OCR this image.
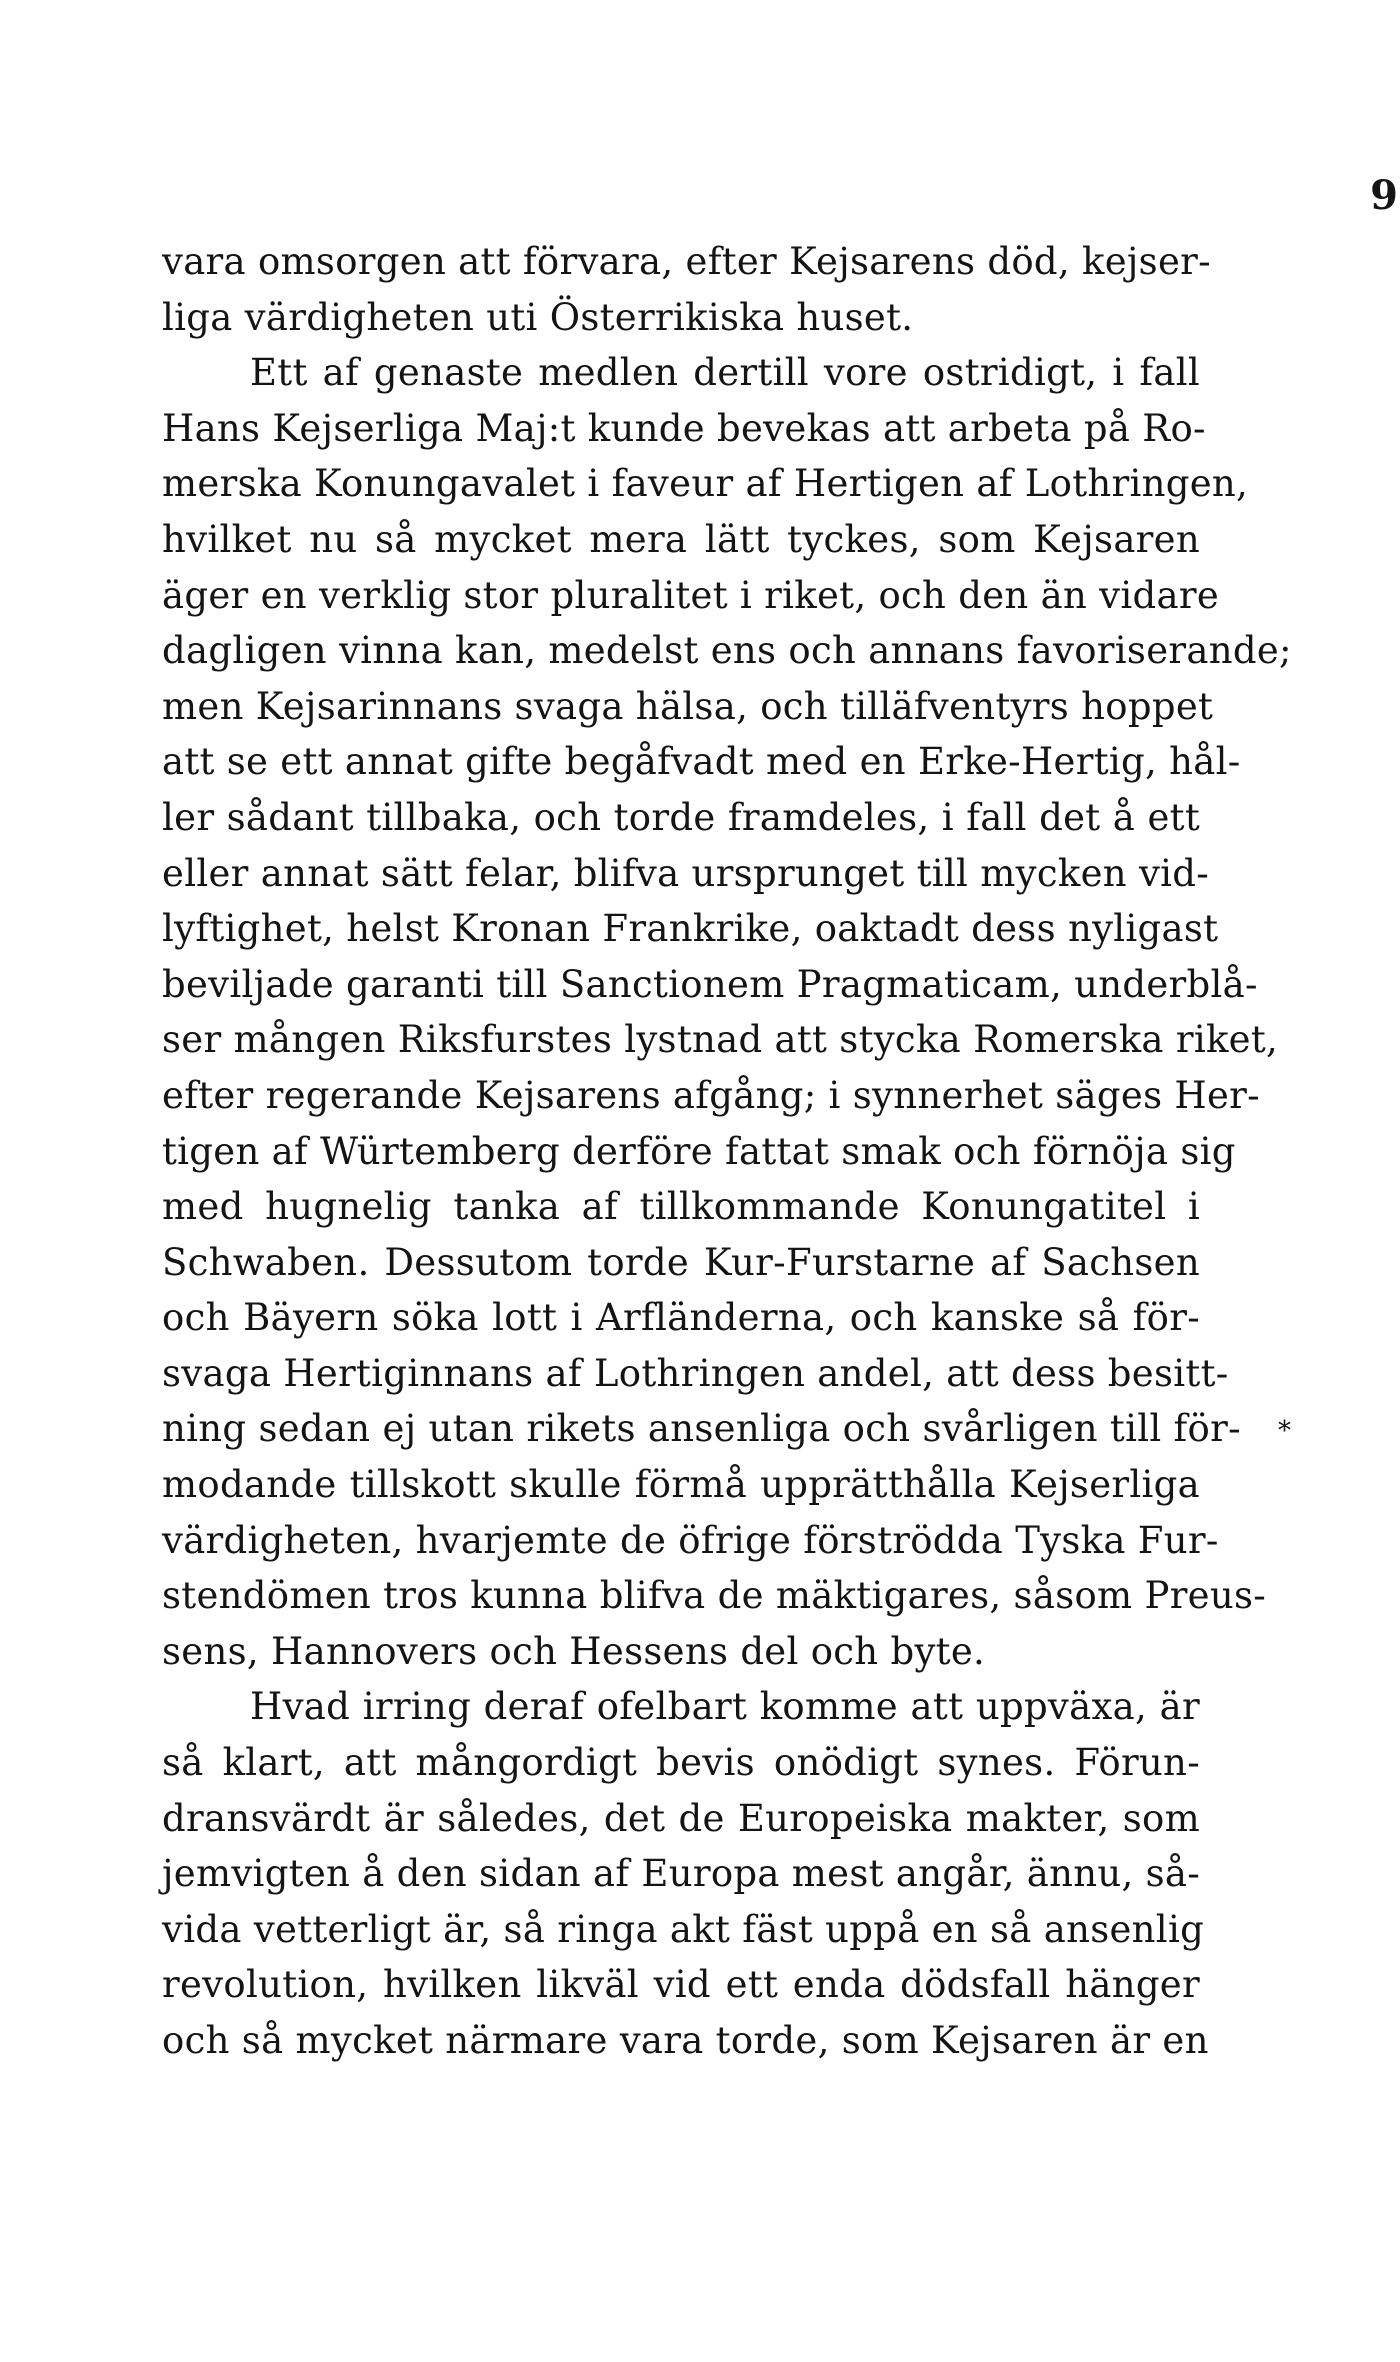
9
vara omsorgen att förvara, efter Kejsarens död, kejser-
liga värdigheten uti Österrikiska huset.
Ett af genaste medlen dertill vore ostridigt, i fall
Hans Kejserliga Maj:t kunde bevekas att arbeta på Ro-
merska Konungavalet i faveur af Hertigen af Lothringen,
hvilket nu så mycket mera lätt tyckes, som Kejsaren
äger en verklig stor pluralitet i riket, och den än vidare
dagligen vinna kan, medelst ens och annans favoriserande;
men Kejsarinnans svaga hälsa, och tilläfventyrs hoppet
att se ett annat gifte begåfvadt med en Erke-Hertig, hål-
ler sådant tillbaka, och torde framdeles, i fall det å ett
eller annat sätt felar, blifva ursprunget till mycken vid-
lyftighet, helst Kronan Frankrike, oaktadt dess nyligast
beviljade garanti till Sanctionem Pragmaticam, underblå-
ser mången Riksfurstes lystnad att stycka Romerska riket,
efter regerande Kejsarens afgång; i synnerhet säges Her-
tigen af Würtemberg derföre fattat smak och förnöja sig
med hugnelig tanka af tillkommande Konungatitel i
Schwaben. Dessutom torde Kur-Furstarne af Sachsen
och Bäyern söka lott i Arfländerna, och kanske så för-
svaga Hertiginnans af Lothringen andel, att dess besitt-
ning sedan ej utan rikets ansenliga och svårligen till för-
modande tillskott skulle förmå upprätthålla Kejserliga
värdigheten, hvarjemte de öfrige förströdda Tyska Fur-
stendömen tros kunna blifva de mäktigares, såsom Preus-
sens, Hannovers och Hessens del och byte.
Hvad irring deraf ofelbart komme att uppväxa, är
så klart, att mångordigt bevis onödigt synes. Förun-
dransvärdt är således, det de Europeiska makter, som
jemvigten å den sidan af Europa mest angår, ännu, så-
vida vetterligt är, så ringa akt fäst uppå en så ansenlig
revolution, hvilken likväl vid ett enda dödsfall hänger
och så mycket närmare vara torde, som Kejsaren är en
*
